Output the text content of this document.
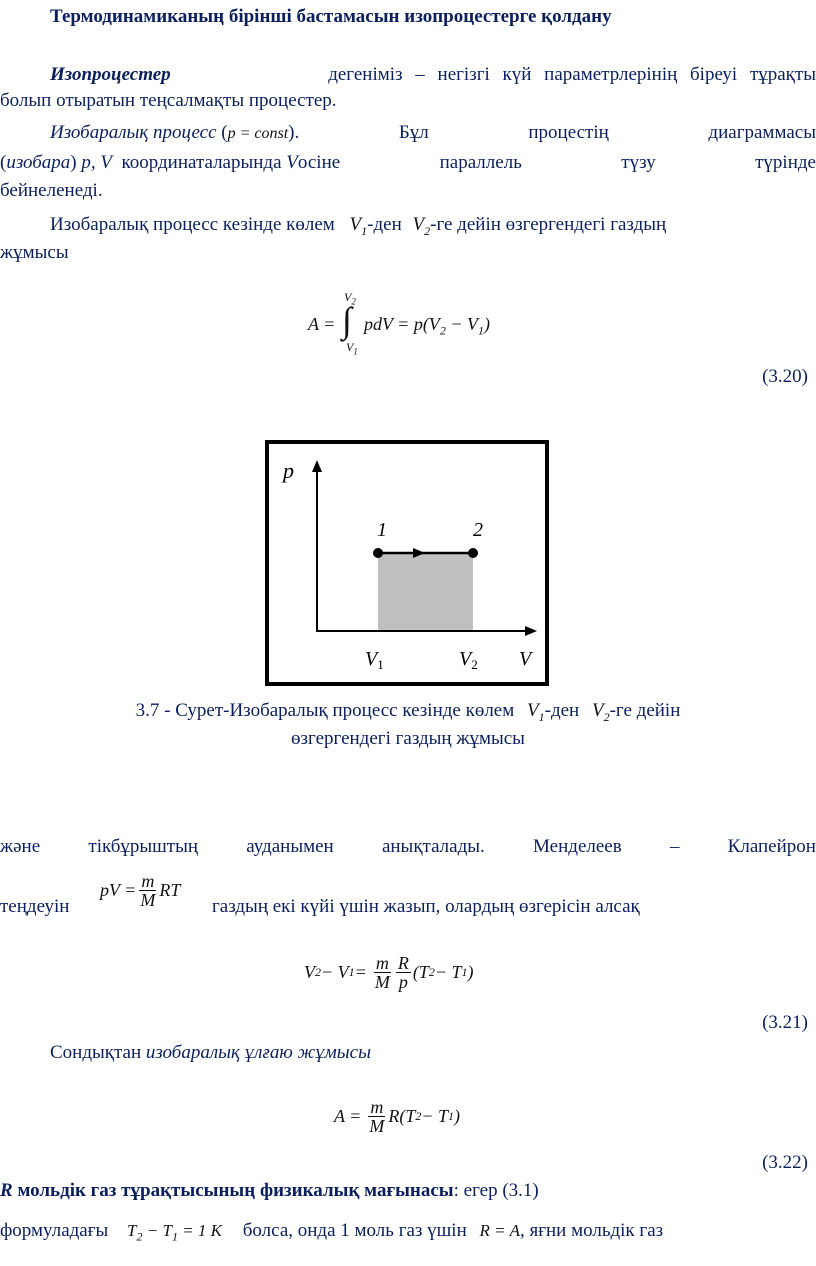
Термодинамиканың бірінші бастамасын изопроцестерге қолдану
Изопроцестер	дегеніміз – негізгі күй параметрлерінің біреуі тұрақты
болып отыратын теңсалмақты процестер.
Изобаралық процесс (p = const).	Бұл	процестің	диаграммасы
(изобара) p, V координаталарында Vосіне	параллель	түзу	түрінде
бейнеленеді.
Изобаралық процесс кезінде көлем $V_1$-ден $V_2-ге$ дейін өзгергендегі газдың
жұмысы
A =
$V_2$
∫
$V_1$
pdV = $p(V_2 - V_1)$
(3.20)
p
1	2
$V_1$	$V_2$ V
3.7 - Сурет-Изобаралық процесс кезінде көлем $V_1$-ден $V_2-ге$ дейін
өзгергендегі газдың жұмысы
және	тікбұрыштың	ауданымен	анықталады.	Менделеев	–	Клапейрон
теңдеуін
pV = $\frac{m}{M}$ RT
газдың екі күйі үшін жазып, олардың өзгерісін алсақ
V 2 − V $1 = \frac{m}{M} \frac{R}{p} (T$ 2 − T 1 )
(3.21)
Сондықтан изобаралық ұлғаю жұмысы
$A = \frac{m}{M} R(T$ 2 − T 1 )
(3.22)
R мольдік газ тұрақтысының физикалық мағынасы: егер (3.1)
формуладағы $T_2 - T_1 = 1$ K болса, онда 1 моль газ үшін R = A, яғни мольдік газ
